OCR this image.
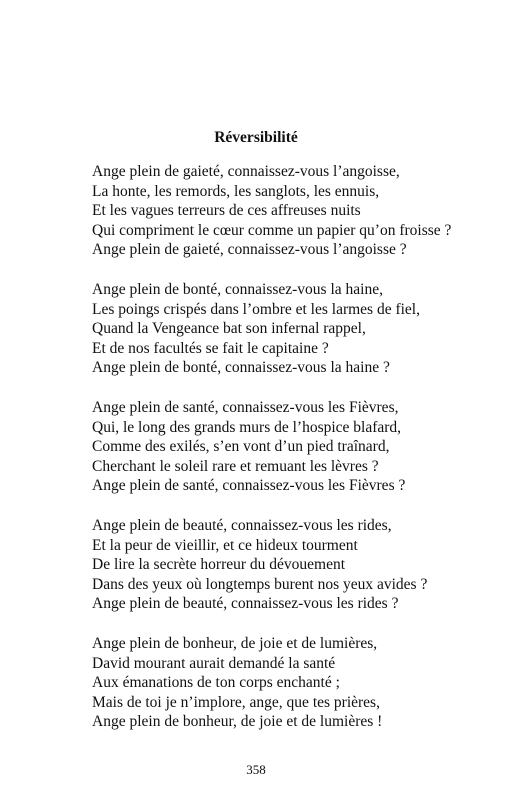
Réversibilité
Ange plein de gaieté, connaissez-vous l’angoisse,
La honte, les remords, les sanglots, les ennuis,
Et les vagues terreurs de ces affreuses nuits
Qui compriment le cœur comme un papier qu’on froisse ?
Ange plein de gaieté, connaissez-vous l’angoisse ?
Ange plein de bonté, connaissez-vous la haine,
Les poings crispés dans l’ombre et les larmes de fiel,
Quand la Vengeance bat son infernal rappel,
Et de nos facultés se fait le capitaine ?
Ange plein de bonté, connaissez-vous la haine ?
Ange plein de santé, connaissez-vous les Fièvres,
Qui, le long des grands murs de l’hospice blafard,
Comme des exilés, s’en vont d’un pied traînard,
Cherchant le soleil rare et remuant les lèvres ?
Ange plein de santé, connaissez-vous les Fièvres ?
Ange plein de beauté, connaissez-vous les rides,
Et la peur de vieillir, et ce hideux tourment
De lire la secrète horreur du dévouement
Dans des yeux où longtemps burent nos yeux avides ?
Ange plein de beauté, connaissez-vous les rides ?
Ange plein de bonheur, de joie et de lumières,
David mourant aurait demandé la santé
Aux émanations de ton corps enchanté ;
Mais de toi je n’implore, ange, que tes prières,
Ange plein de bonheur, de joie et de lumières !
358
